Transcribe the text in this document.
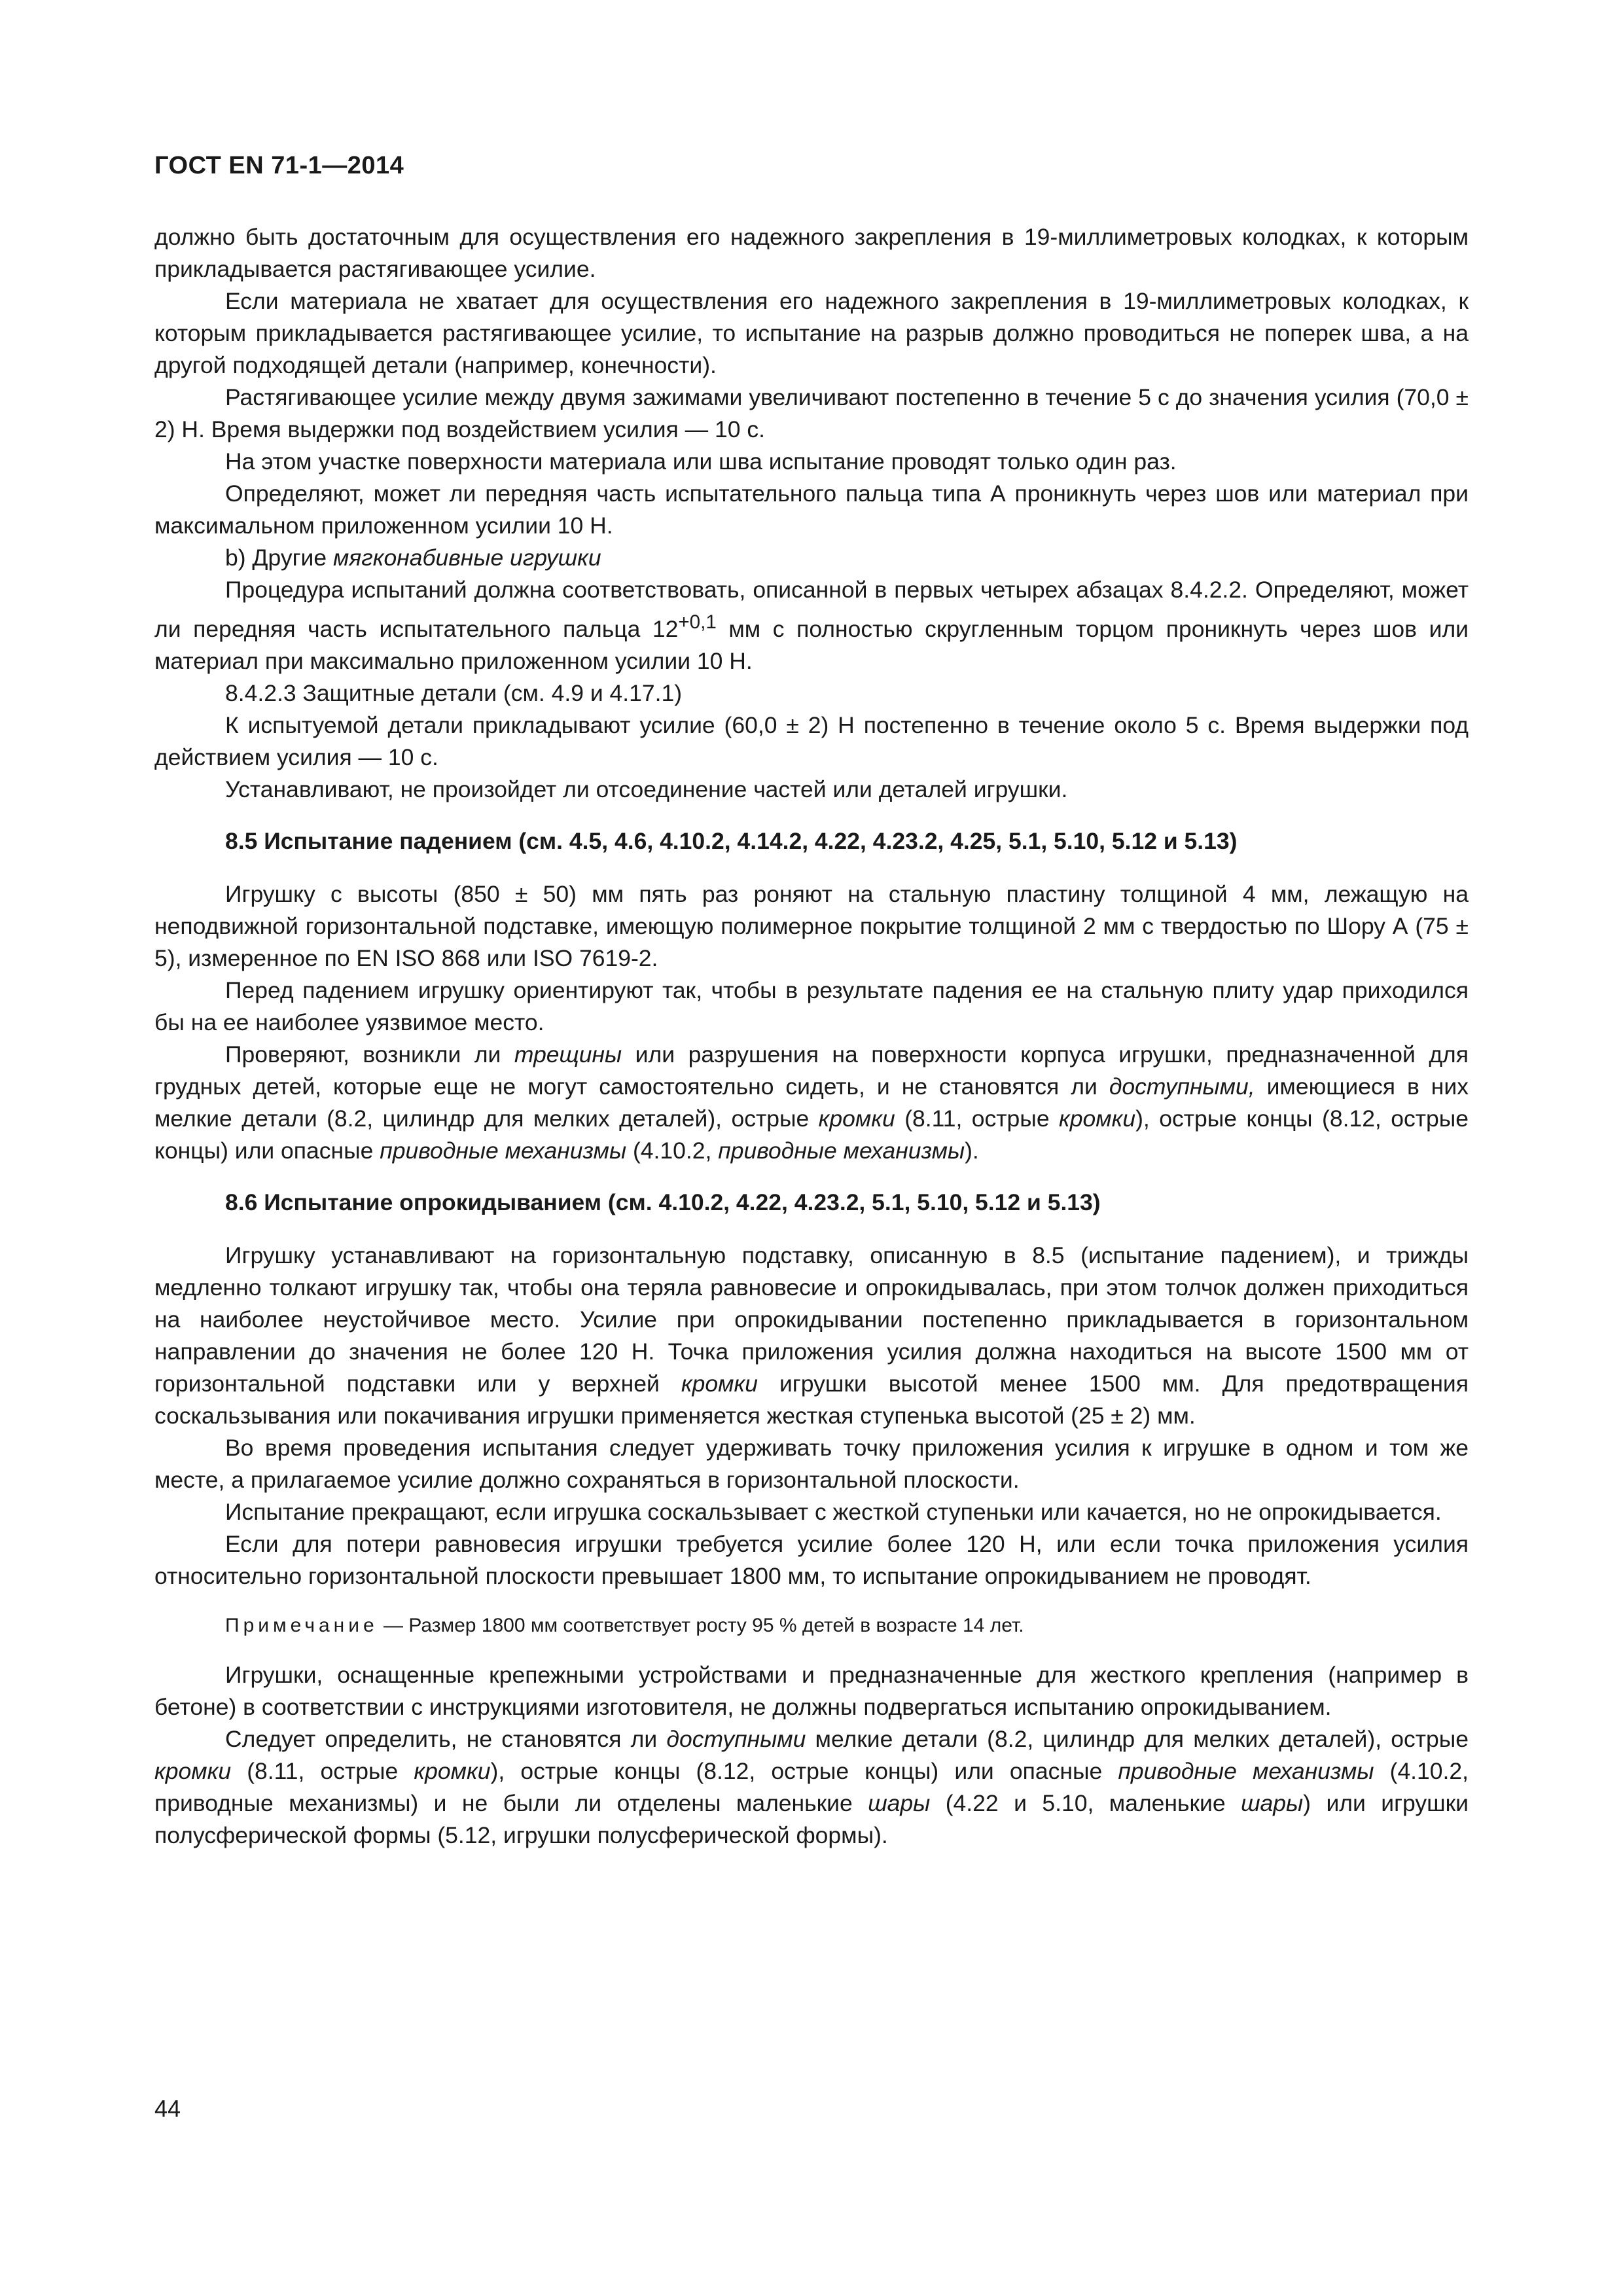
ГОСТ EN 71-1—2014

должно быть достаточным для осуществления его надежного закрепления в 19-миллиметровых колодках, к которым прикладывается растягивающее усилие.

Если материала не хватает для осуществления его надежного закрепления в 19-миллиметровых колодках, к которым прикладывается растягивающее усилие, то испытание на разрыв должно проводиться не поперек шва, а на другой подходящей детали (например, конечности).

Растягивающее усилие между двумя зажимами увеличивают постепенно в течение 5 с до значения усилия (70,0 ± 2) Н. Время выдержки под воздействием усилия — 10 с.

На этом участке поверхности материала или шва испытание проводят только один раз.

Определяют, может ли передняя часть испытательного пальца типа А проникнуть через шов или материал при максимальном приложенном усилии 10 Н.

b) Другие мягконабивные игрушки

Процедура испытаний должна соответствовать, описанной в первых четырех абзацах 8.4.2.2. Определяют, может ли передняя часть испытательного пальца $12^{+0,1}$ мм с полностью скругленным торцом проникнуть через шов или материал при максимально приложенном усилии 10 Н.

8.4.2.3 Защитные детали (см. 4.9 и 4.17.1)

К испытуемой детали прикладывают усилие (60,0 ± 2) Н постепенно в течение около 5 с. Время выдержки под действием усилия — 10 с.

Устанавливают, не произойдет ли отсоединение частей или деталей игрушки.

8.5 Испытание падением (см. 4.5, 4.6, 4.10.2, 4.14.2, 4.22, 4.23.2, 4.25, 5.1, 5.10, 5.12 и 5.13)

Игрушку с высоты (850 ± 50) мм пять раз роняют на стальную пластину толщиной 4 мм, лежащую на неподвижной горизонтальной подставке, имеющую полимерное покрытие толщиной 2 мм с твердостью по Шору А (75 ± 5), измеренное по EN ISO 868 или ISO 7619-2.

Перед падением игрушку ориентируют так, чтобы в результате падения ее на стальную плиту удар приходился бы на ее наиболее уязвимое место.

Проверяют, возникли ли трещины или разрушения на поверхности корпуса игрушки, предназначенной для грудных детей, которые еще не могут самостоятельно сидеть, и не становятся ли доступными, имеющиеся в них мелкие детали (8.2, цилиндр для мелких деталей), острые кромки (8.11, острые кромки), острые концы (8.12, острые концы) или опасные приводные механизмы (4.10.2, приводные механизмы).

8.6 Испытание опрокидыванием (см. 4.10.2, 4.22, 4.23.2, 5.1, 5.10, 5.12 и 5.13)

Игрушку устанавливают на горизонтальную подставку, описанную в 8.5 (испытание падением), и трижды медленно толкают игрушку так, чтобы она теряла равновесие и опрокидывалась, при этом толчок должен приходиться на наиболее неустойчивое место. Усилие при опрокидывании постепенно прикладывается в горизонтальном направлении до значения не более 120 Н. Точка приложения усилия должна находиться на высоте 1500 мм от горизонтальной подставки или у верхней кромки игрушки высотой менее 1500 мм. Для предотвращения соскальзывания или покачивания игрушки применяется жесткая ступенька высотой (25 ± 2) мм.

Во время проведения испытания следует удерживать точку приложения усилия к игрушке в одном и том же месте, а прилагаемое усилие должно сохраняться в горизонтальной плоскости.

Испытание прекращают, если игрушка соскальзывает с жесткой ступеньки или качается, но не опрокидывается.

Если для потери равновесия игрушки требуется усилие более 120 Н, или если точка приложения усилия относительно горизонтальной плоскости превышает 1800 мм, то испытание опрокидыванием не проводят.

Примечание — Размер 1800 мм соответствует росту 95 % детей в возрасте 14 лет.

Игрушки, оснащенные крепежными устройствами и предназначенные для жесткого крепления (например в бетоне) в соответствии с инструкциями изготовителя, не должны подвергаться испытанию опрокидыванием.

Следует определить, не становятся ли доступными мелкие детали (8.2, цилиндр для мелких деталей), острые кромки (8.11, острые кромки), острые концы (8.12, острые концы) или опасные приводные механизмы (4.10.2, приводные механизмы) и не были ли отделены маленькие шары (4.22 и 5.10, маленькие шары) или игрушки полусферической формы (5.12, игрушки полусферической формы).

44
